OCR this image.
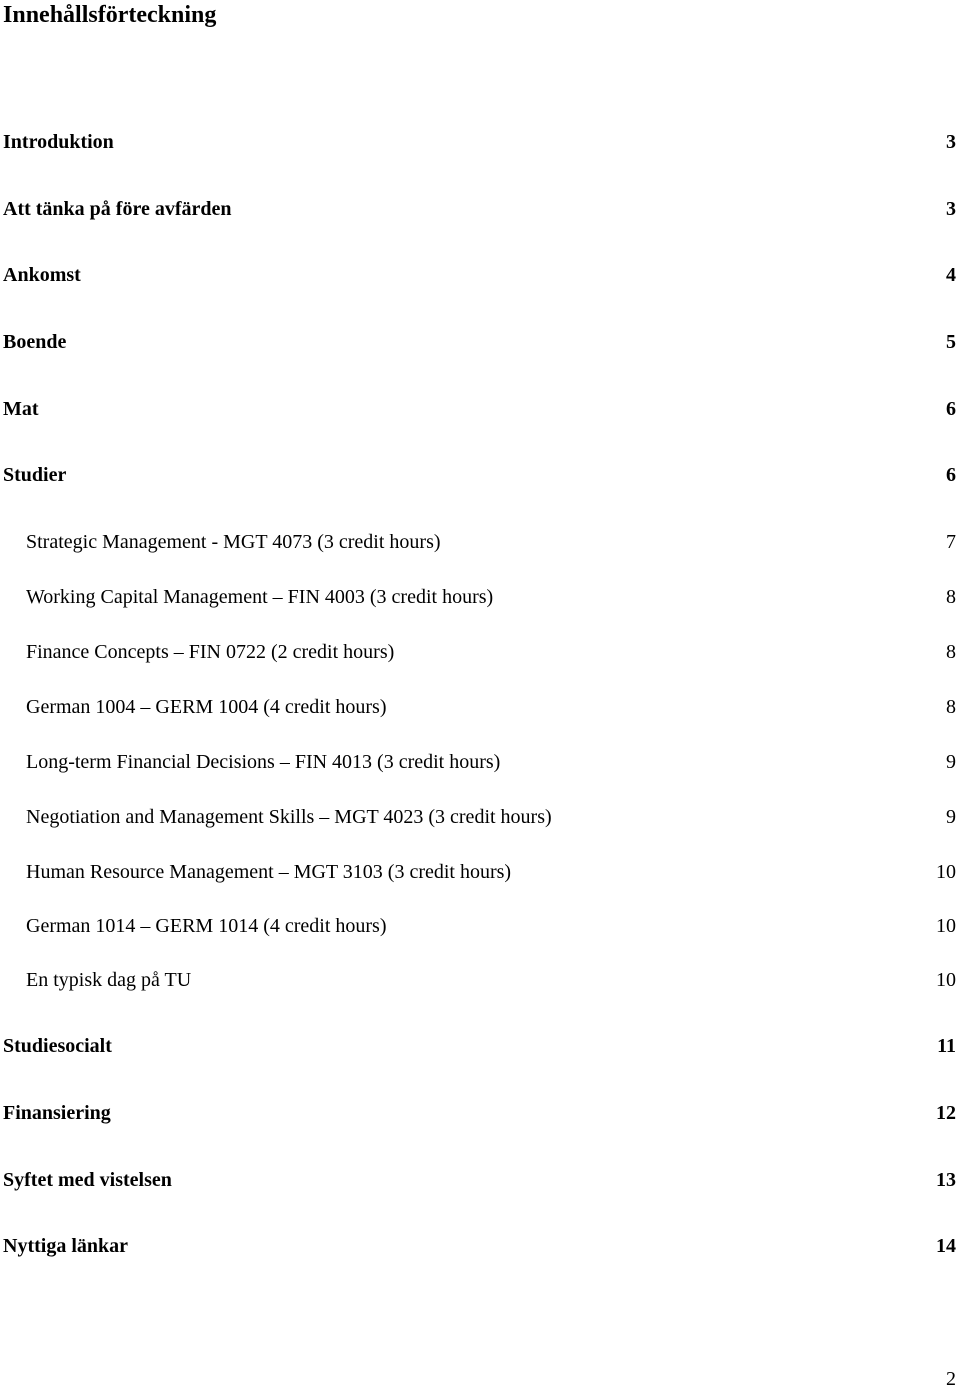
Innehållsförteckning
Introduktion	3
Att tänka på före avfärden	3
Ankomst	4
Boende	5
Mat	6
Studier	6
Strategic Management - MGT 4073 (3 credit hours)	7
Working Capital Management – FIN 4003 (3 credit hours)	8
Finance Concepts – FIN 0722 (2 credit hours)	8
German 1004 – GERM 1004 (4 credit hours)	8
Long-term Financial Decisions – FIN 4013 (3 credit hours)	9
Negotiation and Management Skills – MGT 4023 (3 credit hours)	9
Human Resource Management – MGT 3103 (3 credit hours)	10
German 1014 – GERM 1014 (4 credit hours)	10
En typisk dag på TU	10
Studiesocialt	11
Finansiering	12
Syftet med vistelsen	13
Nyttiga länkar	14
2
